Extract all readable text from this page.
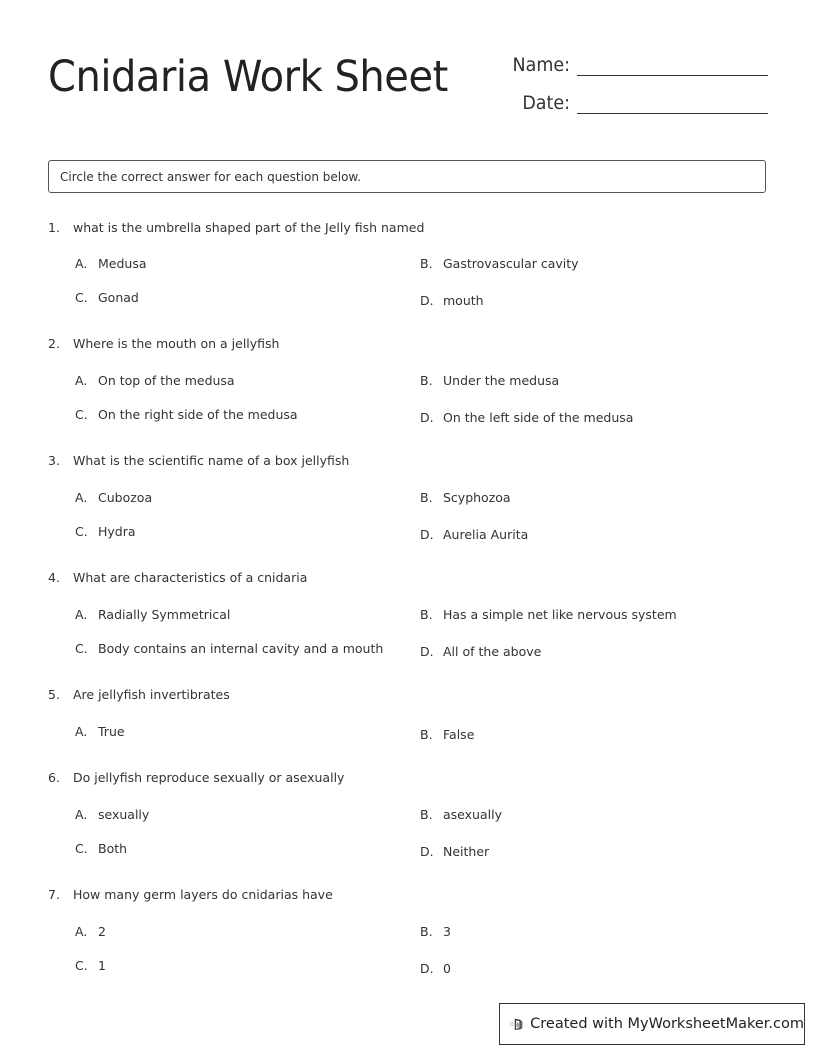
Cnidaria Work Sheet	Name:
Date:
Circle the correct answer for each question below.
1. what is the umbrella shaped part of the Jelly fish named
A. Medusa	B. Gastrovascular cavity
C. Gonad	D. mouth
2. Where is the mouth on a jellyfish
A. On top of the medusa	B. Under the medusa
C. On the right side of the medusa	D. On the left side of the medusa
3. What is the scientific name of a box jellyfish
A. Cubozoa	B. Scyphozoa
C. Hydra	D. Aurelia Aurita
4. What are characteristics of a cnidaria
A. Radially Symmetrical	B. Has a simple net like nervous system
C. Body contains an internal cavity and a mouth	D. All of the above
5. Are jellyfish invertibrates
A. True	B. False
6. Do jellyfish reproduce sexually or asexually
A. sexually	B. asexually
C. Both	D. Neither
7. How many germ layers do cnidarias have
A. 2	B. 3
C. 1	D. 0
Created with MyWorksheetMaker.com
